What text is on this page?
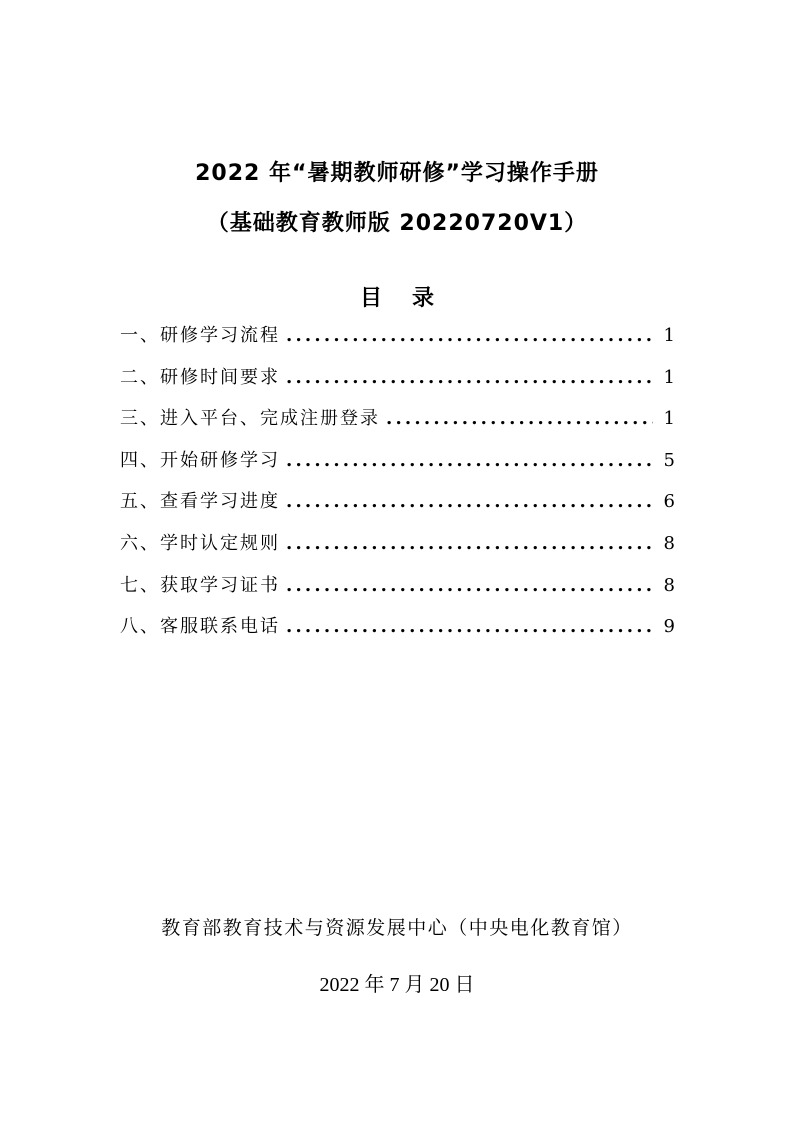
2022 年“暑期教师研修”学习操作手册
（基础教育教师版 20220720V1）
目录
一、研修学习流程 .....	1
二、研修时间要求 .....	1
三、进入平台、完成注册登录 .....	1
四、开始研修学习 .....	5
五、查看学习进度 .....	6
六、学时认定规则 .....	8
七、获取学习证书 .....	8
八、客服联系电话 .....	9
教育部教育技术与资源发展中心（中央电化教育馆）
2022 年 7 月 20 日
